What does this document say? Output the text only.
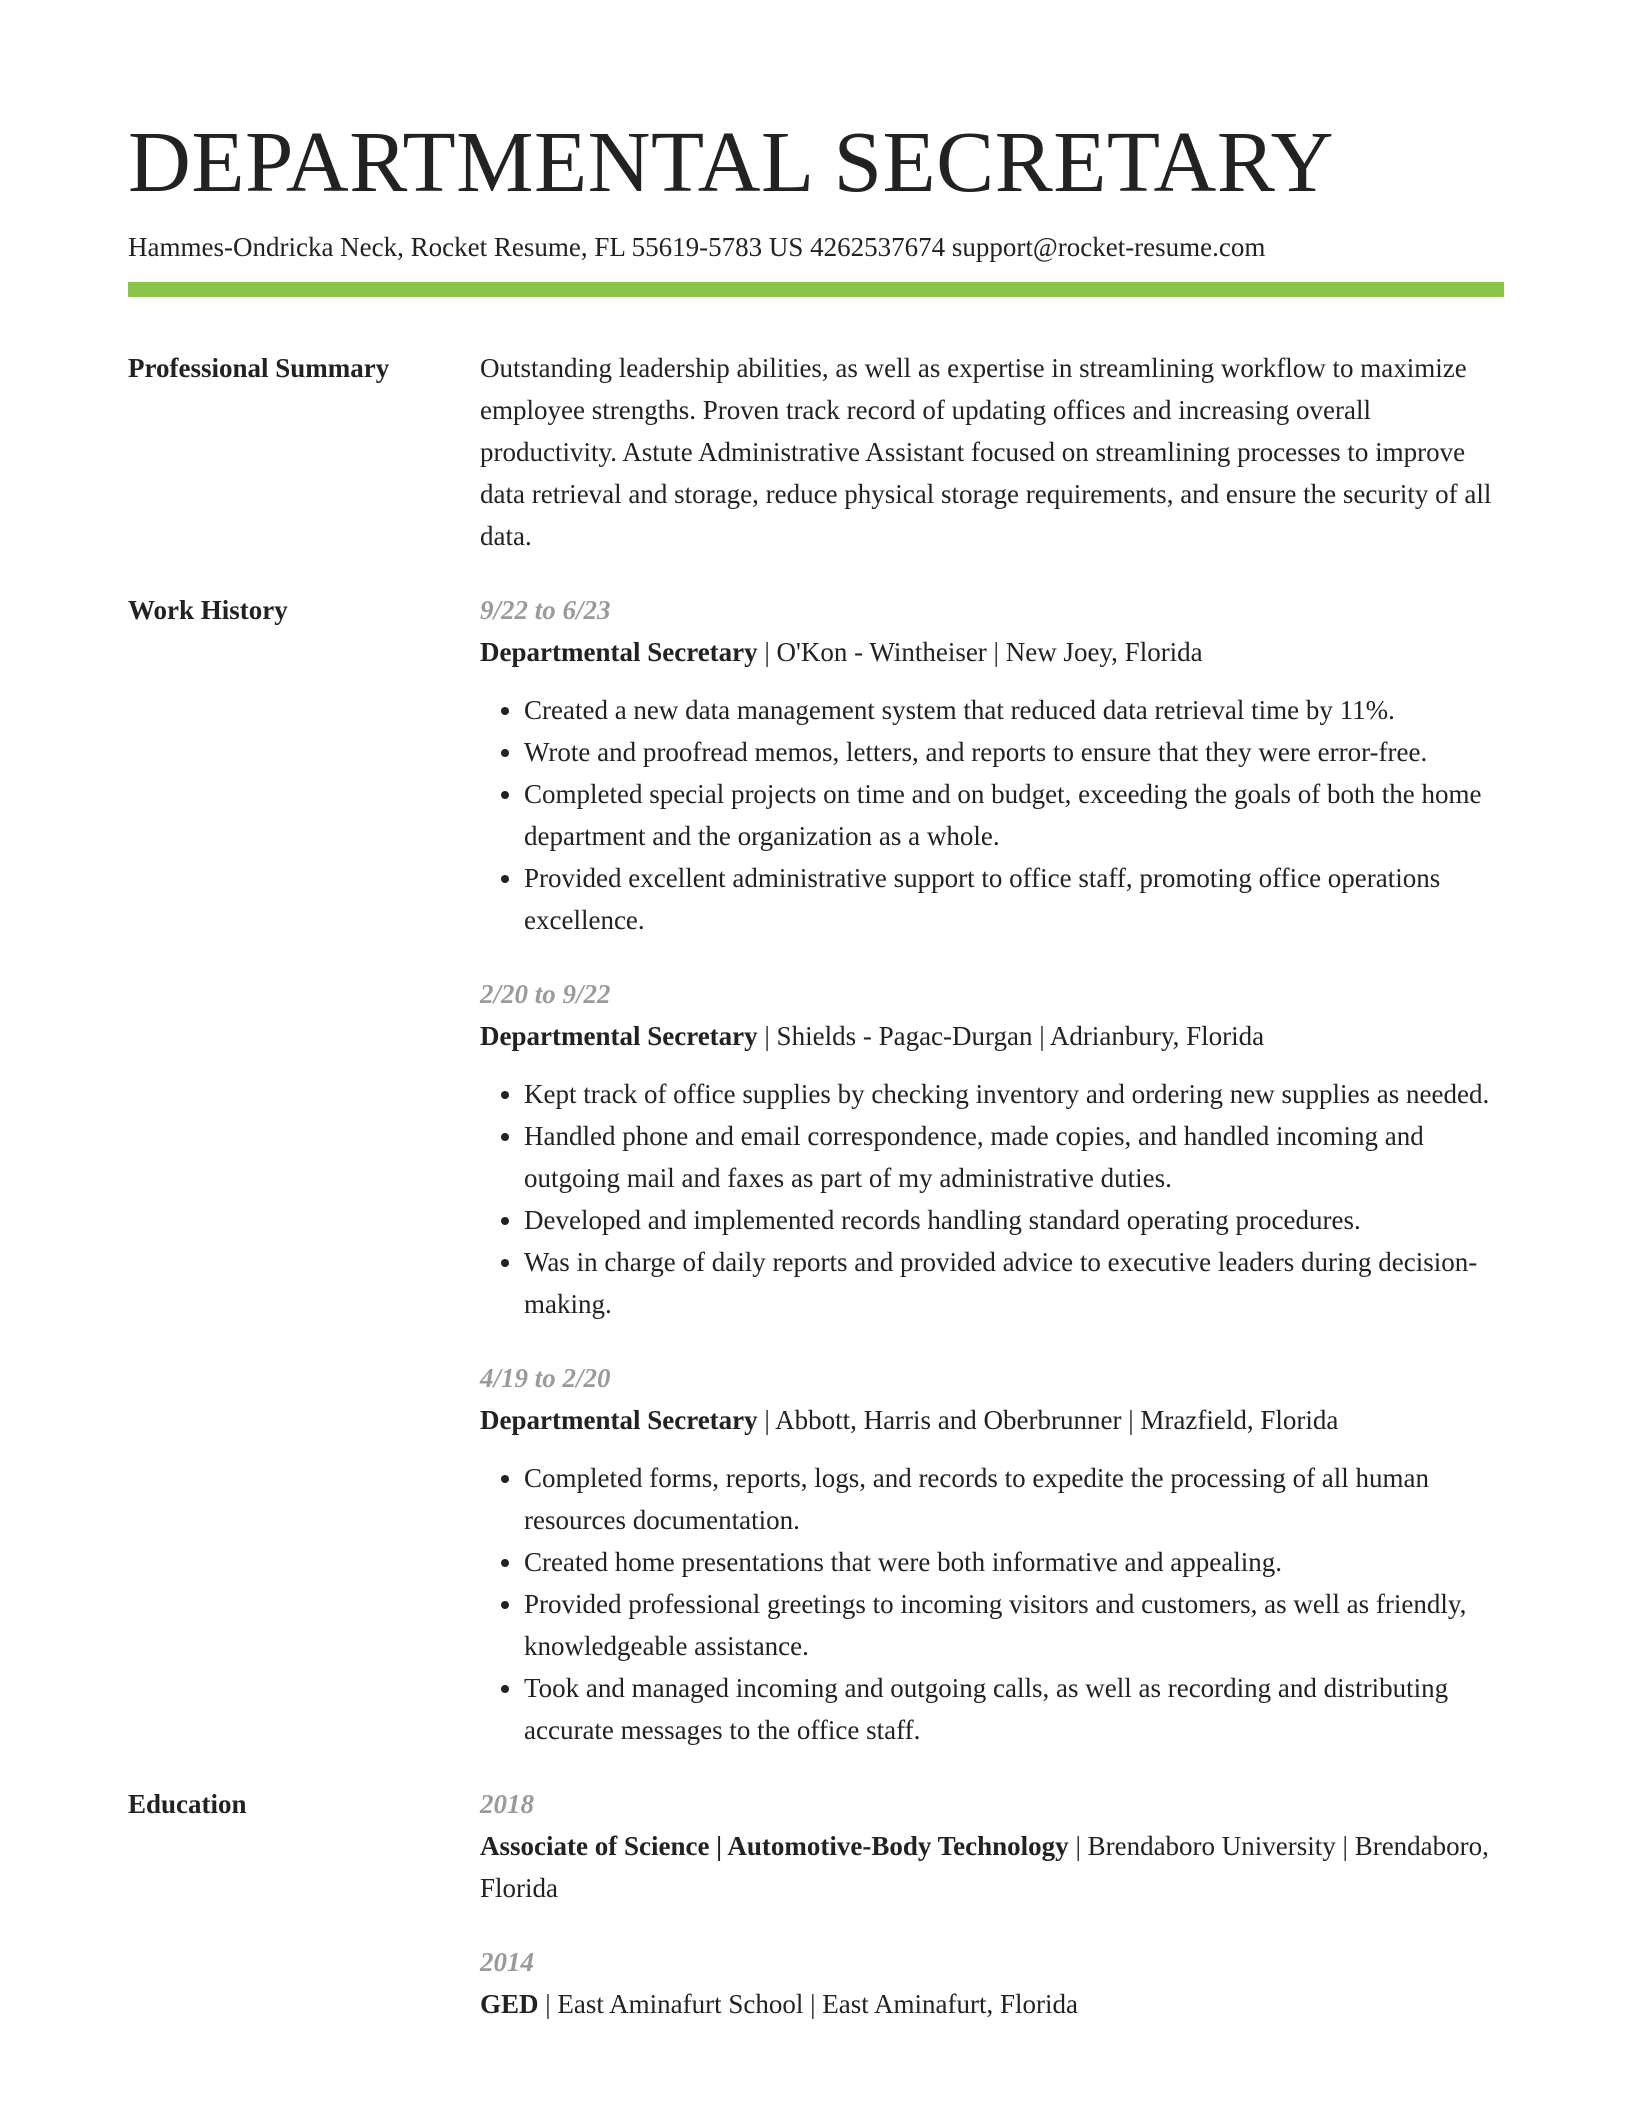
DEPARTMENTAL SECRETARY
Hammes-Ondricka Neck, Rocket Resume, FL 55619-5783 US 4262537674 support@rocket-resume.com
Professional Summary	Outstanding leadership abilities, as well as expertise in streamlining workflow to maximize employee strengths. Proven track record of updating offices and increasing overall productivity. Astute Administrative Assistant focused on streamlining processes to improve data retrieval and storage, reduce physical storage requirements, and ensure the security of all data.
Work History	9/22 to 6/23
Departmental Secretary | O'Kon - Wintheiser | New Joey, Florida
• Created a new data management system that reduced data retrieval time by 11%.
• Wrote and proofread memos, letters, and reports to ensure that they were error-free.
• Completed special projects on time and on budget, exceeding the goals of both the home department and the organization as a whole.
• Provided excellent administrative support to office staff, promoting office operations excellence.
2/20 to 9/22
Departmental Secretary | Shields - Pagac-Durgan | Adrianbury, Florida
• Kept track of office supplies by checking inventory and ordering new supplies as needed.
• Handled phone and email correspondence, made copies, and handled incoming and outgoing mail and faxes as part of my administrative duties.
• Developed and implemented records handling standard operating procedures.
• Was in charge of daily reports and provided advice to executive leaders during decision-making.
4/19 to 2/20
Departmental Secretary | Abbott, Harris and Oberbrunner | Mrazfield, Florida
• Completed forms, reports, logs, and records to expedite the processing of all human resources documentation.
• Created home presentations that were both informative and appealing.
• Provided professional greetings to incoming visitors and customers, as well as friendly, knowledgeable assistance.
• Took and managed incoming and outgoing calls, as well as recording and distributing accurate messages to the office staff.
Education	2018
Associate of Science | Automotive-Body Technology | Brendaboro University | Brendaboro, Florida
2014
GED | East Aminafurt School | East Aminafurt, Florida
